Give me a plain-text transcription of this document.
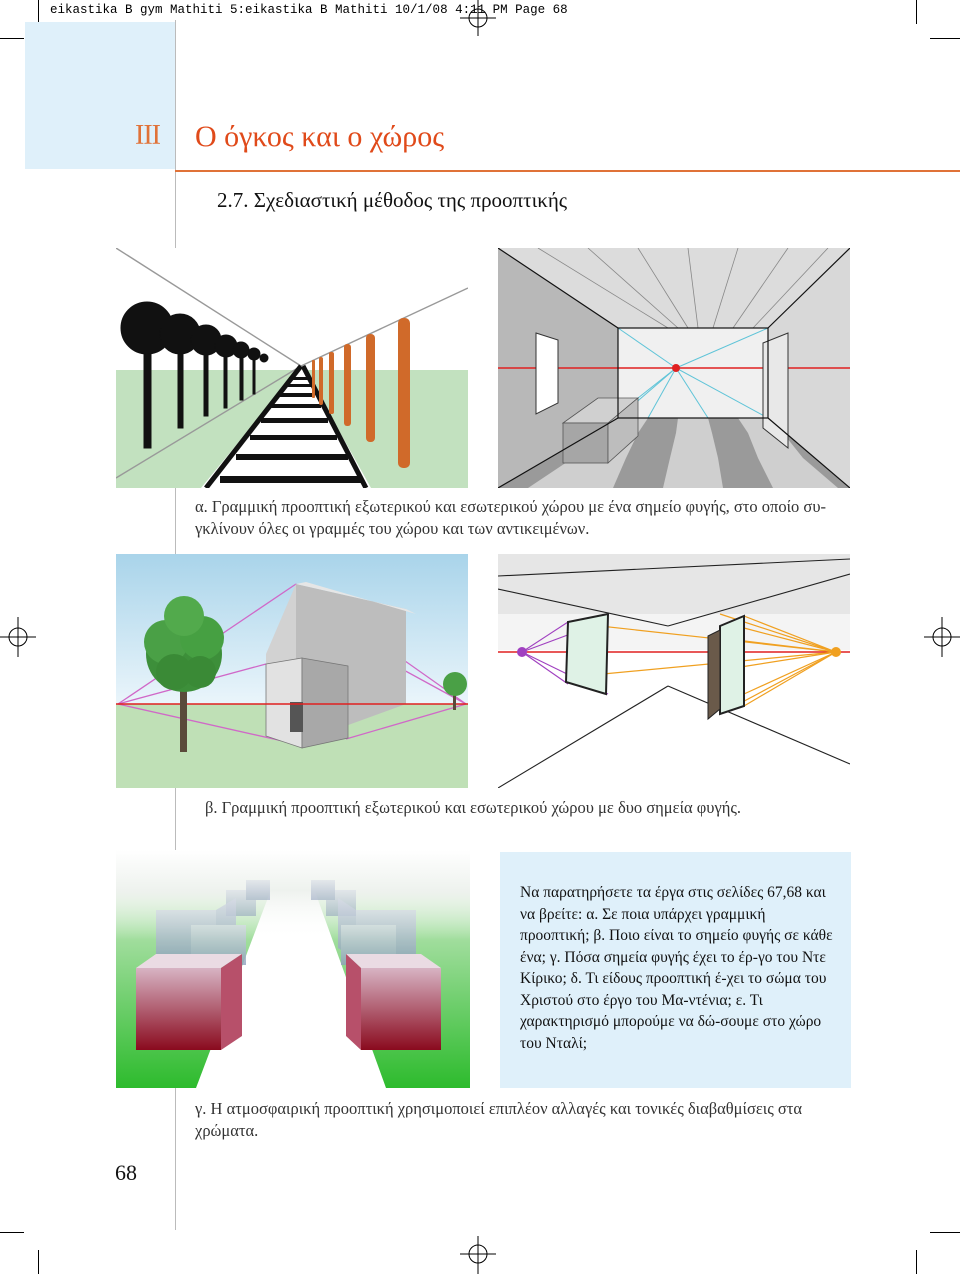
eikastika B gym Mathiti 5:eikastika B Mathiti 10/1/08 4:11 PM Page 68
ΙΙΙ Ο όγκος και ο χώρος
2.7. Σχεδιαστική μέθοδος της προοπτικής
α. Γραμμική προοπτική εξωτερικού και εσωτερικού χώρου με ένα σημείο φυγής, στο οποίο συ-
γκλίνουν όλες οι γραμμές του χώρου και των αντικειμένων.
β. Γραμμική προοπτική εξωτερικού και εσωτερικού χώρου με δυο σημεία φυγής.
Να παρατηρήσετε τα έργα στις σελίδες 67,68 και να βρείτε: α. Σε ποια υπάρχει γραμμική προοπτική; β. Ποιο είναι το σημείο φυγής σε κάθε ένα; γ. Πόσα σημεία φυγής έχει το έρ-γο του Ντε Κίρικο; δ. Τι είδους προοπτική έ-χει το σώμα του Χριστού στο έργο του Μα-ντένια; ε. Τι χαρακτηρισμό μπορούμε να δώ-σουμε στο χώρο του Νταλί;
γ. Η ατμοσφαιρική προοπτική χρησιμοποιεί επιπλέον αλλαγές και τονικές διαβαθμίσεις στα
χρώματα.
68
